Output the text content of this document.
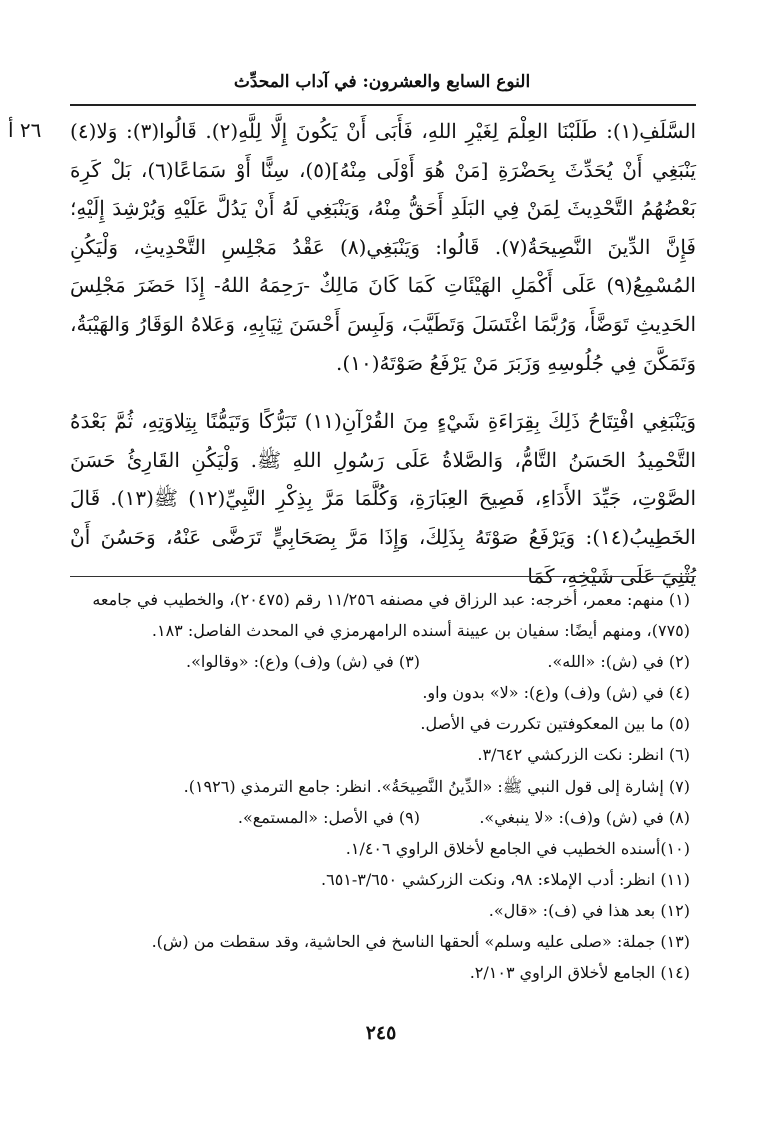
النوع السابع والعشرون: في آداب المحدِّث
٢٦ أ السَّلَفِ(١): طَلَبْنَا العِلْمَ لِغَيْرِ اللهِ، فَأَبَى أَنْ يَكُونَ إِلَّا لِلَّهِ(٢). قَالُوا(٣): وَلا(٤) يَنْبَغِي أَنْ يُحَدِّثَ بِحَضْرَةِ [مَنْ هُوَ أَوْلَى مِنْهُ](٥)، سِنًّا أَوْ سَمَاعًا(٦)، بَلْ كَرِهَ بَعْضُهُمُ التَّحْدِيثَ لِمَنْ فِي البَلَدِ أَحَقُّ مِنْهُ، وَيَنْبَغِي لَهُ أَنْ يَدُلَّ عَلَيْهِ وَيُرْشِدَ إِلَيْهِ؛ فَإِنَّ الدِّينَ النَّصِيحَةُ(٧). قَالُوا: وَيَنْبَغِي(٨) عَقْدُ مَجْلِسِ التَّحْدِيثِ، وَلْيَكُنِ المُسْمِعُ(٩) عَلَى أَكْمَلِ الهَيْئَاتِ كَمَا كَانَ مَالِكٌ -رَحِمَهُ اللهُ- إِذَا حَضَرَ مَجْلِسَ الحَدِيثِ تَوَضَّأَ، وَرُبَّمَا اغْتَسَلَ وَتَطَيَّبَ، وَلَبِسَ أَحْسَنَ ثِيَابِهِ، وَعَلاهُ الوَقَارُ وَالهَيْبَةُ، وَتَمَكَّنَ فِي جُلُوسِهِ وَزَبَرَ مَنْ يَرْفَعُ صَوْتَهُ(١٠).

وَيَنْبَغِي افْتِتَاحُ ذَلِكَ بِقِرَاءَةِ شَيْءٍ مِنَ القُرْآنِ(١١) تَبَرُّكًا وَتَيَمُّنًا بِتِلاوَتِهِ، ثُمَّ بَعْدَهُ التَّحْمِيدُ الحَسَنُ التَّامُّ، وَالصَّلاةُ عَلَى رَسُولِ اللهِ ﷺ. وَلْيَكُنِ القَارِئُ حَسَنَ الصَّوْتِ، جَيِّدَ الأَدَاءِ، فَصِيحَ العِبَارَةِ، وَكُلَّمَا مَرَّ بِذِكْرِ النَّبِيِّ(١٢) ﷺ(١٣). قَالَ الخَطِيبُ(١٤): وَيَرْفَعُ صَوْتَهُ بِذَلِكَ، وَإِذَا مَرَّ بِصَحَابِيٍّ تَرَضَّى عَنْهُ، وَحَسُنَ أَنْ يُثْنِيَ عَلَى شَيْخِهِ، كَمَا

(١) منهم: معمر، أخرجه: عبد الرزاق في مصنفه ١١/٢٥٦ رقم (٢٠٤٧٥)، والخطيب في جامعه (٧٧٥)، ومنهم أيضًا: سفيان بن عيينة أسنده الرامهرمزي في المحدث الفاصل: ١٨٣.

(٢) في (ش): «الله».

(٣) في (ش) و(ف) و(ع): «وقالوا».

(٤) في (ش) و(ف) و(ع): «لا» بدون واو.

(٥) ما بين المعكوفتين تكررت في الأصل.

(٦) انظر: نكت الزركشي ٣/٦٤٢.

(٧) إشارة إلى قول النبي ﷺ: «الدِّينُ النَّصِيحَةُ». انظر: جامع الترمذي (١٩٢٦).

(٨) في (ش) و(ف): «لا ينبغي».

(٩) في الأصل: «المستمع».

(١٠)أسنده الخطيب في الجامع لأخلاق الراوي ١/٤٠٦.

(١١) انظر: أدب الإملاء: ٩٨، ونكت الزركشي ٣/٦٥٠-٦٥١.

(١٢) بعد هذا في (ف): «قال».

(١٣) جملة: «صلى عليه وسلم» ألحقها الناسخ في الحاشية، وقد سقطت من (ش).

(١٤) الجامع لأخلاق الراوي ٢/١٠٣.

٢٤٥
